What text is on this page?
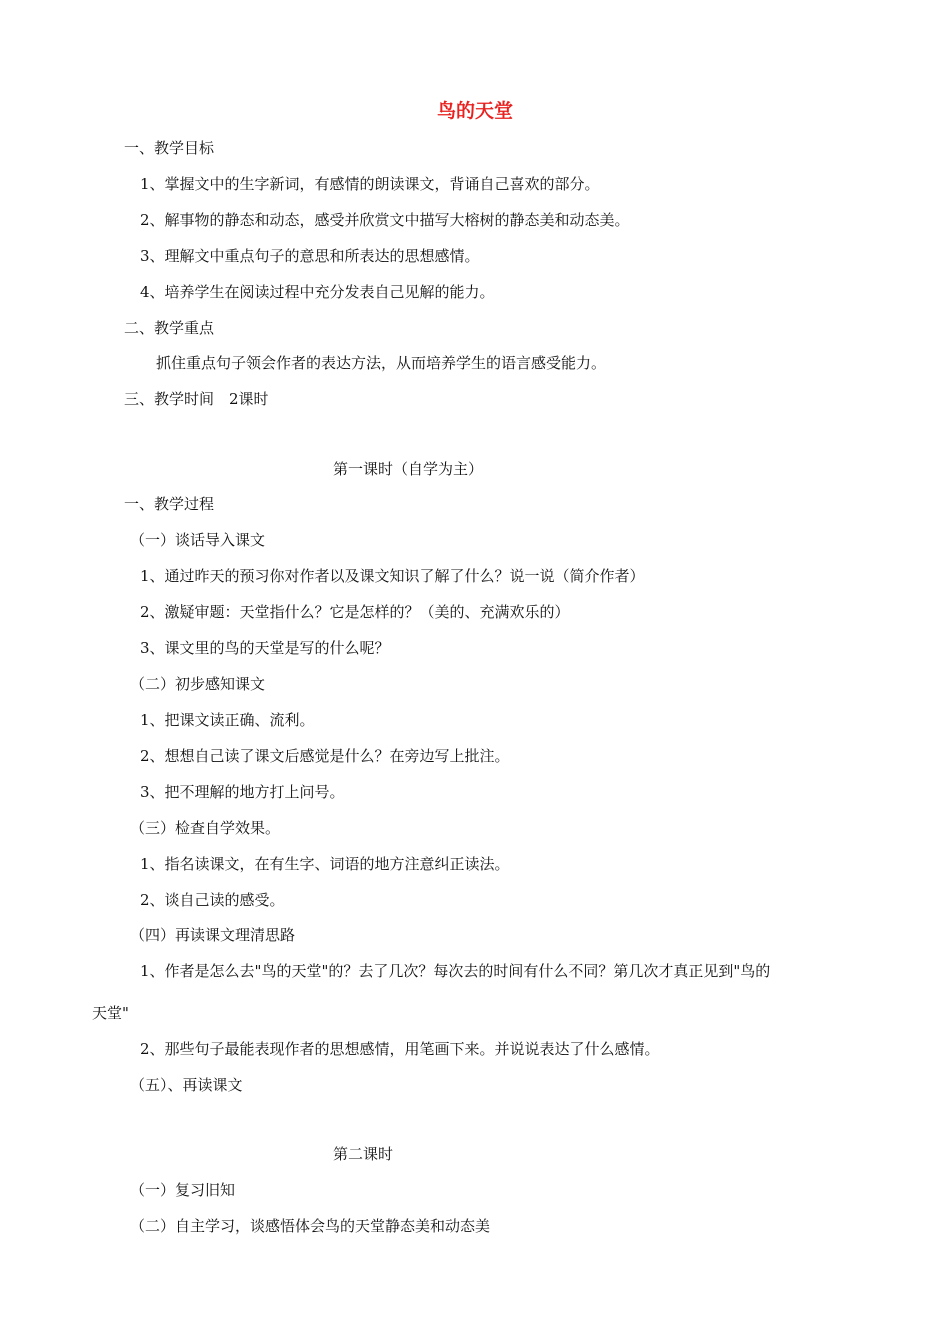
鸟的天堂
一、教学目标
1、掌握文中的生字新词，有感情的朗读课文，背诵自己喜欢的部分。
2、解事物的静态和动态，感受并欣赏文中描写大榕树的静态美和动态美。
3、理解文中重点句子的意思和所表达的思想感情。
4、培养学生在阅读过程中充分发表自己见解的能力。
二、教学重点
抓住重点句子领会作者的表达方法，从而培养学生的语言感受能力。
三、教学时间　2课时
第一课时（自学为主）
一、教学过程
（一）谈话导入课文
1、通过昨天的预习你对作者以及课文知识了解了什么？说一说（简介作者）
2、激疑审题：天堂指什么？它是怎样的？（美的、充满欢乐的）
3、课文里的鸟的天堂是写的什么呢？
（二）初步感知课文
1、把课文读正确、流利。
2、想想自己读了课文后感觉是什么？在旁边写上批注。
3、把不理解的地方打上问号。
（三）检查自学效果。
1、指名读课文，在有生字、词语的地方注意纠正读法。
2、谈自己读的感受。
（四）再读课文理清思路
1、作者是怎么去"鸟的天堂"的？去了几次？每次去的时间有什么不同？第几次才真正见到"鸟的
天堂"
2、那些句子最能表现作者的思想感情，用笔画下来。并说说表达了什么感情。
（五）、再读课文
第二课时
（一）复习旧知
（二）自主学习，谈感悟体会鸟的天堂静态美和动态美
